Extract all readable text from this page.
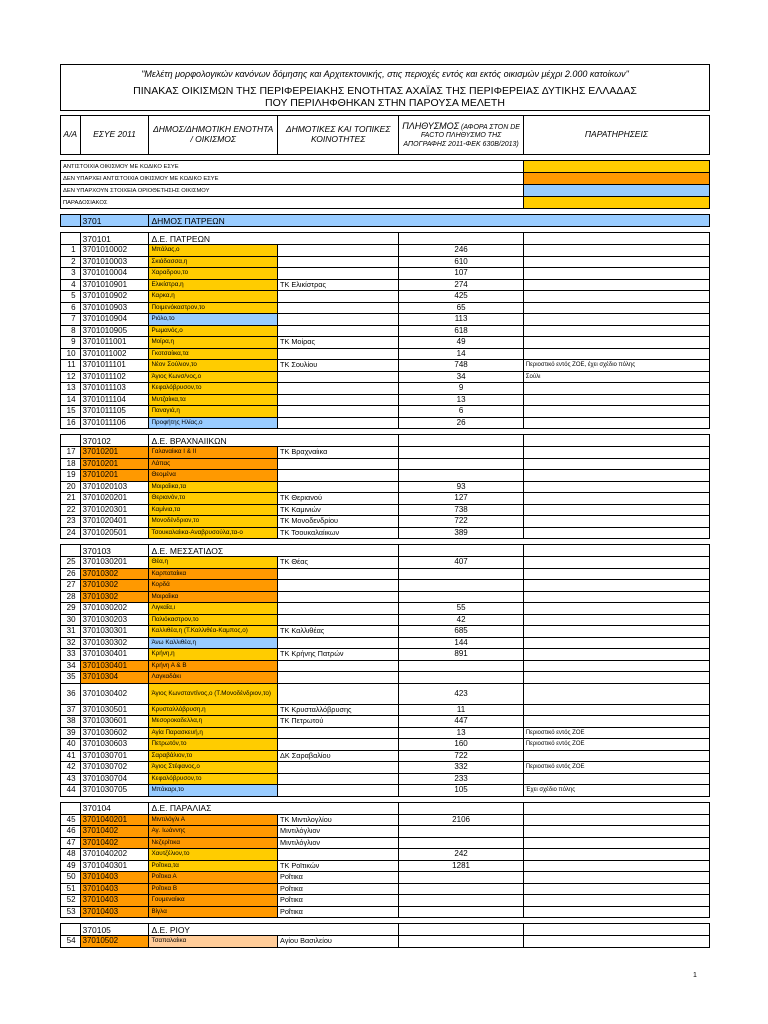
"Μελέτη μορφολογικών κανόνων δόμησης και Αρχιτεκτονικής, στις περιοχές εντός και εκτός οικισμών μέχρι 2.000 κατοίκων"
ΠΙΝΑΚΑΣ ΟΙΚΙΣΜΩΝ ΤΗΣ ΠΕΡΙΦΕΡΕΙΑΚΗΣ ΕΝΟΤΗΤΑΣ ΑΧΑΪΑΣ ΤΗΣ ΠΕΡΙΦΕΡΕΙΑΣ ΔΥΤΙΚΗΣ ΕΛΛΑΔΑΣ
ΠΟΥ ΠΕΡΙΛΗΦΘΗΚΑΝ ΣΤΗΝ ΠΑΡΟΥΣΑ ΜΕΛΕΤΗ
Α/Α	ΕΣΥΕ 2011	ΔΗΜΟΣ/ΔΗΜΟΤΙΚΗ ΕΝΟΤΗΤΑ / ΟΙΚΙΣΜΟΣ	ΔΗΜΟΤΙΚΕΣ ΚΑΙ ΤΟΠΙΚΕΣ ΚΟΙΝΟΤΗΤΕΣ	ΠΛΗΘΥΣΜΟΣ (ΑΦΟΡΑ ΣΤΟΝ DE FACTO ΠΛΗΘΥΣΜΟ ΤΗΣ ΑΠΟΓΡΑΦΗΣ 2011-ΦΕΚ 630Β/2013)	ΠΑΡΑΤΗΡΗΣΕΙΣ

ΑΝΤΙΣΤΟΙΧΙΑ ΟΙΚΙΣΜΟΥ ΜΕ ΚΩΔΙΚΟ ΕΣΥΕ					
ΔΕΝ ΥΠΑΡΧΕΙ ΑΝΤΙΣΤΟΙΧΙΑ ΟΙΚΙΣΜΟΥ ΜΕ ΚΩΔΙΚΟ ΕΣΥΕ					
ΔΕΝ ΥΠΑΡΧΟΥΝ ΣΤΟΙΧΕΙΑ ΟΡΙΟΘΕΤΗΣΗΣ ΟΙΚΙΣΜΟΥ					
ΠΑΡΑΔΟΣΙΑΚΟΣ					

	3701	ΔΗΜΟΣ ΠΑΤΡΕΩΝ			

	370101	Δ.Ε. ΠΑΤΡΕΩΝ			
1	3701010002	Μπάλας,ο		246	
2	3701010003	Σκιάδασσα,η		610	
3	3701010004	Χαραδρου,το		107	
4	3701010901	Ελικίστρα,η	ΤΚ Ελικίστρας	274	
5	3701010902	Καρκα,η		425	
6	3701010903	Ποιμενόκαστρον,το		65	
7	3701010904	Ριόλο,το		113	
8	3701010905	Ρωμανός,ο		618	
9	3701011001	Μοίρα,η	ΤΚ Μοίρας	49	
10	3701011002	Γκοτσαίικα,τα		14	
11	3701011101	Νέον Σούλιον,το	ΤΚ Σουλίου	748	Περιοστικό εντός ΖΟΕ, έχει σχέδιο πόλης
12	3701011102	Άγιος Κωνσ/νος,ο		34	Σούλι
13	3701011103	Κεφαλόβρυσον,το		9	
14	3701011104	Μυτζαίικα,τα		13	
15	3701011105	Παναγιά,η		6	
16	3701011106	Προφήτης Ηλίας,ο		26	

	370102	Δ.Ε. ΒΡΑΧΝΑΙΙΚΩΝ			
17	37010201	Γαλαναίικα I & II	ΤΚ Βραχναίικα		
18	37010201	Λάπας			
19	37010201	Θεομένα			
20	3701020103	Μοιραΐικα,τα		93	
21	3701020201	Θεριανόν,το	ΤΚ Θεριανού	127	
22	3701020301	Καμίνια,τα	ΤΚ Καμινιών	738	
23	3701020401	Μονοδένδριον,το	ΤΚ Μονοδενδρίου	722	
24	3701020501	Τσουκαλαίικα-Αναβρυσούλα,τα-ο	ΤΚ Τσουκαλαίικων	389	

	370103	Δ.Ε. ΜΕΣΣΑΤΙΔΟΣ			
25	3701030201	Θέα,η	ΤΚ Θέας	407	
26	37010302	Καρπαταίικα			
27	37010302	Κορδά			
28	37010302	Μοιραΐικα			
29	3701030202	Λιγκαΐα,ι		55	
30	3701030203	Παλιόκαστρον,το		42	
31	3701030301	Καλλιθέα,η (Τ.Καλλιθέα-Καμπος,ο)	ΤΚ Καλλιθέας	685	
32	3701030302	Άνω Καλλιθέα,η		144	
33	3701030401	Κρήνη,η	ΤΚ Κρήνης Πατρών	891	
34	3701030401	Κρήνη Α & Β			
35	37010304	Λαγκαδάκι			
36	3701030402	Άγιος Κωνσταντίνος,ο (Τ.Μονοδένδριον,το)		423	
37	3701030501	Κρυσταλλόβρυση,η	ΤΚ Κρυσταλλόβρυσης	11	
38	3701030601	Μεσοροκαδελλα,η	ΤΚ Πετρωτού	447	
39	3701030602	Αγία Παρασκευή,η		13	Περιοστικό εντός ΖΟΕ
40	3701030603	Πετρωτόν,το		160	Περιοστικό εντός ΖΟΕ
41	3701030701	Σαραβάλιον,το	ΔΚ Σαραβαλίου	722	
42	3701030702	Άγιος Στέφανος,ο		332	Περιοστικό εντός ΖΟΕ
43	3701030704	Κεφαλόβρυσον,το		233	
44	3701030705	Μπάκαρι,το		105	Έχει σχέδιο πόλης

	370104	Δ.Ε. ΠΑΡΑΛΙΑΣ			
45	3701040201	Μιντιλόγλι Α	ΤΚ Μιντιλογλίου	2106	
46	37010402	Αγ. Ιωάννης	Μιντιλόγλιον		
47	37010402	Νεζερίτικα	Μιντιλόγλιον		
48	3701040202	Χαυτζέλιον,το		242	
49	3701040301	Ροΐτικα,τα	ΤΚ Ροϊτικών	1281	
50	37010403	Ροΐτικα Α	Ροΐτικα		
51	37010403	Ροΐτικα Β	Ροΐτικα		
52	37010403	Γουμεναίικα	Ροΐτικα		
53	37010403	Βίγλα	Ροΐτικα		

	370105	Δ.Ε. ΡΙΟΥ			
54	37010502	Τσαπαλαίικα	Αγίου Βασιλείου		
1
